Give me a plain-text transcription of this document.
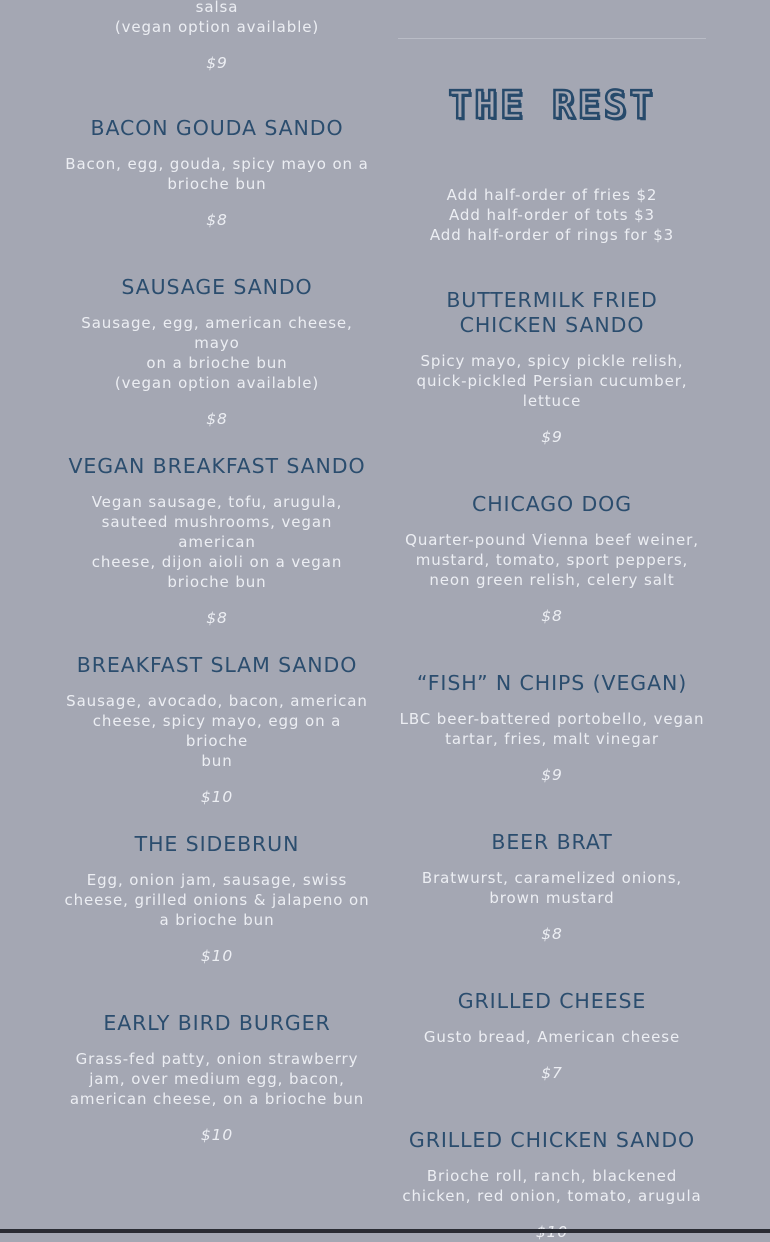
salsa
(vegan option available)

$9

BACON GOUDA SANDO

Bacon, egg, gouda, spicy mayo on a
brioche bun

$8

SAUSAGE SANDO

Sausage, egg, american cheese, mayo
on a brioche bun
(vegan option available)

$8

VEGAN BREAKFAST SANDO

Vegan sausage, tofu, arugula,
sauteed mushrooms, vegan american
cheese, dijon aioli on a vegan
brioche bun

$8

BREAKFAST SLAM SANDO

Sausage, avocado, bacon, american
cheese, spicy mayo, egg on a brioche
bun

$10

THE SIDEBRUN

Egg, onion jam, sausage, swiss
cheese, grilled onions & jalapeno on
a brioche bun

$10

EARLY BIRD BURGER

Grass-fed patty, onion strawberry
jam, over medium egg, bacon,
american cheese, on a brioche bun

$10

THE REST

Add half-order of fries $2
Add half-order of tots $3
Add half-order of rings for $3

BUTTERMILK FRIED
CHICKEN SANDO

Spicy mayo, spicy pickle relish,
quick-pickled Persian cucumber,
lettuce

$9

CHICAGO DOG

Quarter-pound Vienna beef weiner,
mustard, tomato, sport peppers,
neon green relish, celery salt

$8

“FISH” N CHIPS (VEGAN)

LBC beer-battered portobello, vegan
tartar, fries, malt vinegar

$9

BEER BRAT

Bratwurst, caramelized onions,
brown mustard

$8

GRILLED CHEESE

Gusto bread, American cheese

$7

GRILLED CHICKEN SANDO

Brioche roll, ranch, blackened
chicken, red onion, tomato, arugula
